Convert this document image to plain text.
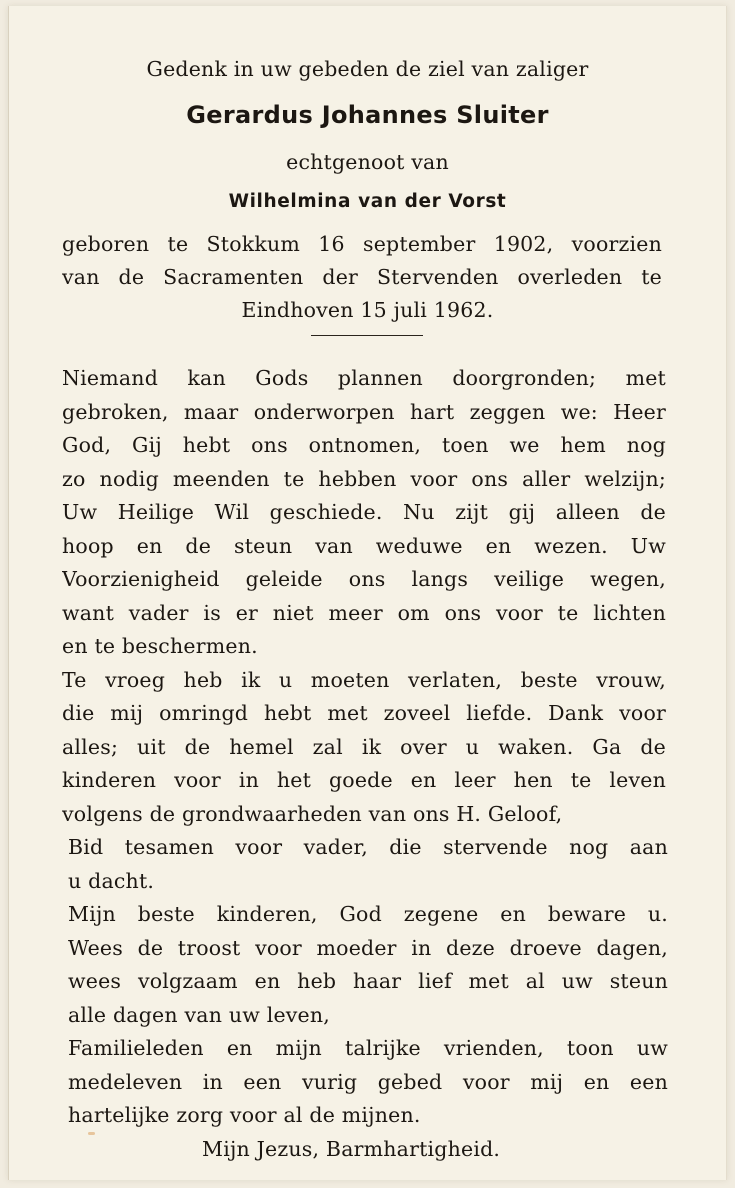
Gedenk in uw gebeden de ziel van zaliger
Gerardus Johannes Sluiter
echtgenoot van
Wilhelmina van der Vorst
geboren te Stokkum 16 september 1902, voorzien
van de Sacramenten der Stervenden overleden te
Eindhoven 15 juli 1962.
Niemand kan Gods plannen doorgronden; met
gebroken, maar onderworpen hart zeggen we: Heer
God, Gij hebt ons ontnomen, toen we hem nog
zo nodig meenden te hebben voor ons aller welzijn;
Uw Heilige Wil geschiede. Nu zijt gij alleen de
hoop en de steun van weduwe en wezen. Uw
Voorzienigheid geleide ons langs veilige wegen,
want vader is er niet meer om ons voor te lichten
en te beschermen.
Te vroeg heb ik u moeten verlaten, beste vrouw,
die mij omringd hebt met zoveel liefde. Dank voor
alles; uit de hemel zal ik over u waken. Ga de
kinderen voor in het goede en leer hen te leven
volgens de grondwaarheden van ons H. Geloof,
Bid tesamen voor vader, die stervende nog aan
u dacht.
Mijn beste kinderen, God zegene en beware u.
Wees de troost voor moeder in deze droeve dagen,
wees volgzaam en heb haar lief met al uw steun
alle dagen van uw leven,
Familieleden en mijn talrijke vrienden, toon uw
medeleven in een vurig gebed voor mij en een
hartelijke zorg voor al de mijnen.
Mijn Jezus, Barmhartigheid.
